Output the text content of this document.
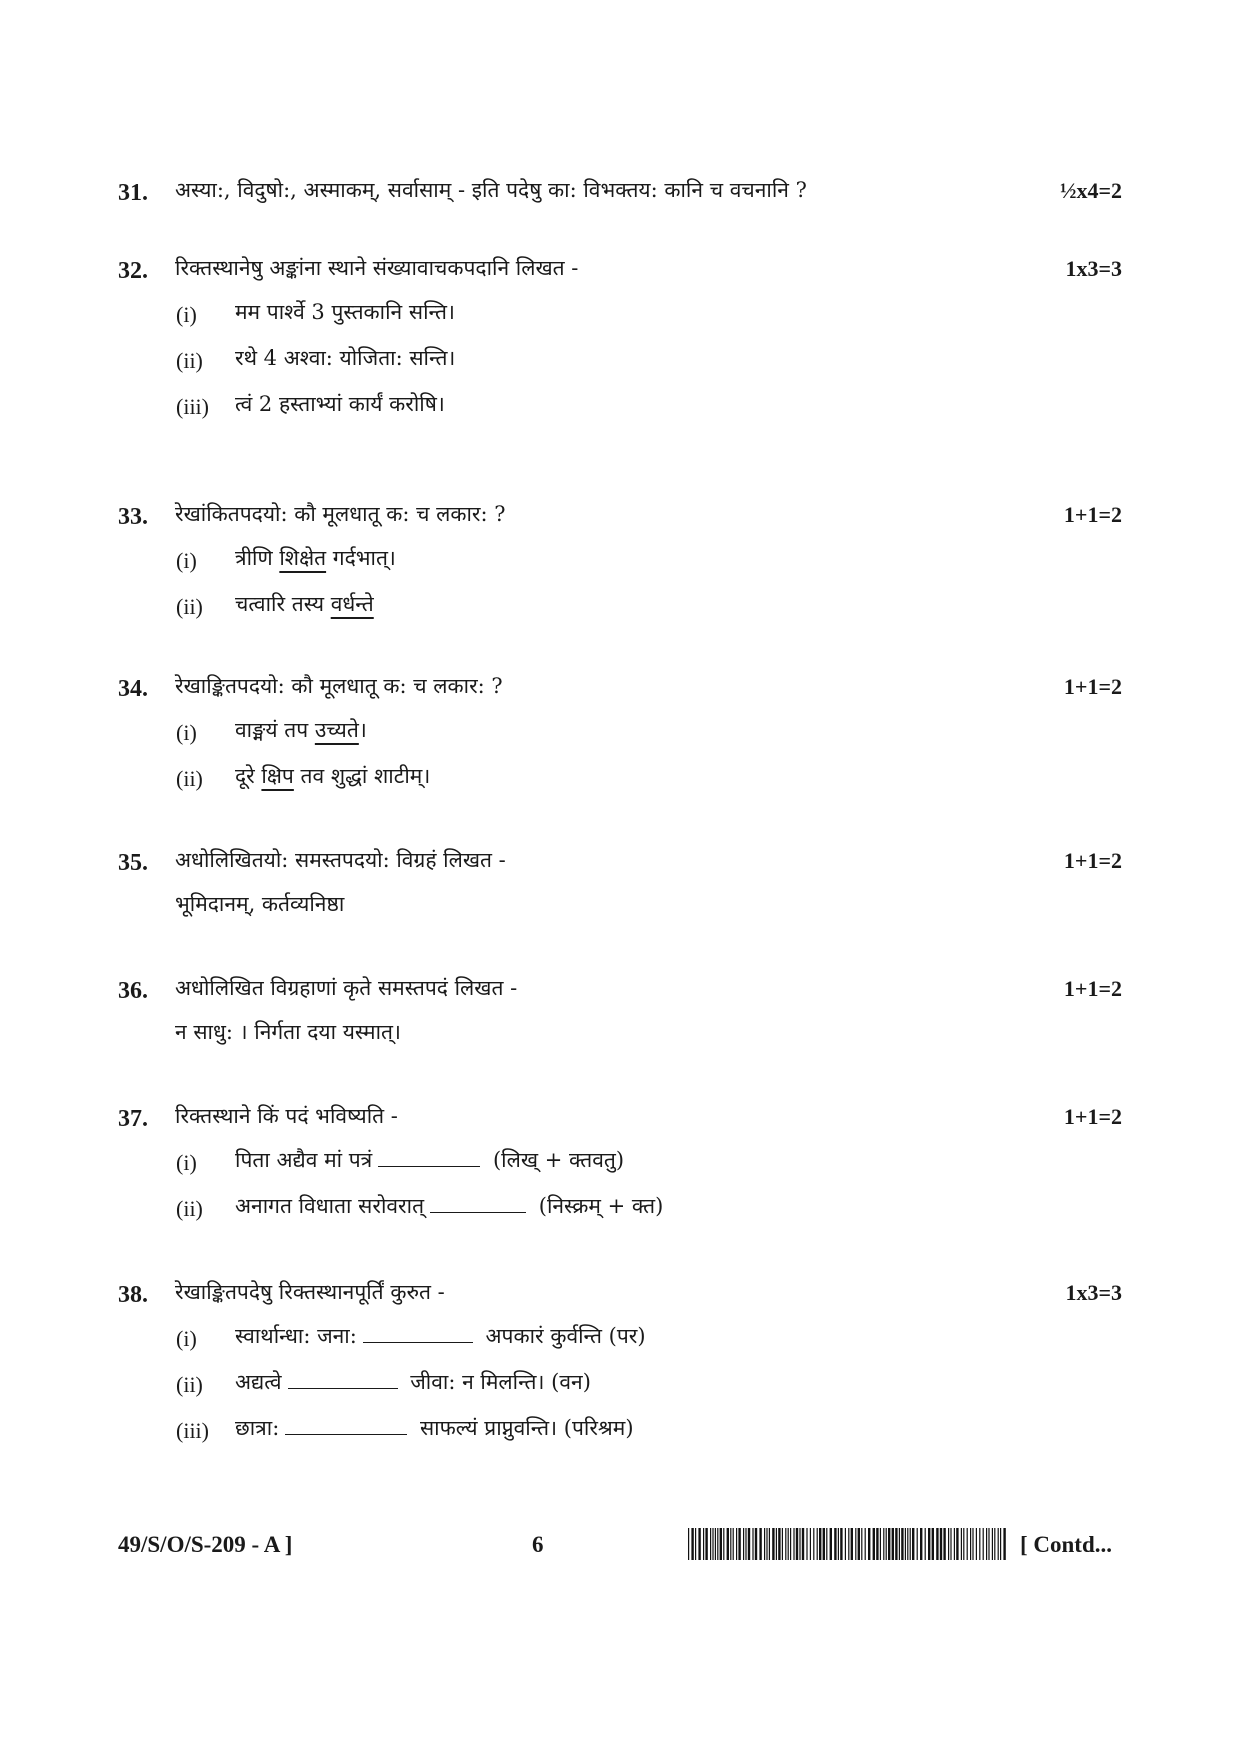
31. अस्या:, विदुषो:, अस्माकम्, सर्वासाम् - इति पदेषु का: विभक्तय: कानि च वचनानि ?	½x4=2
32. रिक्तस्थानेषु अङ्कांना स्थाने संख्यावाचकपदानि लिखत -	1x3=3
(i) मम पार्श्वे 3 पुस्तकानि सन्ति।
(ii) रथे 4 अश्वा: योजिता: सन्ति।
(iii) त्वं 2 हस्ताभ्यां कार्यं करोषि।
33. रेखांकितपदयो: कौ मूलधातू क: च लकार: ?	1+1=2
(i) त्रीणि शिक्षेत गर्दभात्।
(ii) चत्वारि तस्य वर्धन्ते
34. रेखाङ्कितपदयो: कौ मूलधातू क: च लकार: ?	1+1=2
(i) वाङ्मयं तप उच्यते।
(ii) दूरे क्षिप तव शुद्धां शाटीम्।
35. अधोलिखितयो: समस्तपदयो: विग्रहं लिखत -	1+1=2
भूमिदानम्, कर्तव्यनिष्ठा
36. अधोलिखित विग्रहाणां कृते समस्तपदं लिखत -	1+1=2
न साधु: । निर्गता दया यस्मात्।
37. रिक्तस्थाने किं पदं भविष्यति -	1+1=2
(i) पिता अद्यैव मां पत्रं	(लिख् + क्तवतु)
(ii) अनागत विधाता सरोवरात्	(निस्क्रम् + क्त)
38. रेखाङ्कितपदेषु रिक्तस्थानपूर्तिं कुरुत -	1x3=3
(i) स्वार्थान्धा: जना:	अपकारं कुर्वन्ति (पर)
(ii) अद्यत्वे	जीवा: न मिलन्ति। (वन)
(iii) छात्रा:	साफल्यं प्राप्नुवन्ति। (परिश्रम)
49/S/O/S-209 - A ]	6	[ Contd...
